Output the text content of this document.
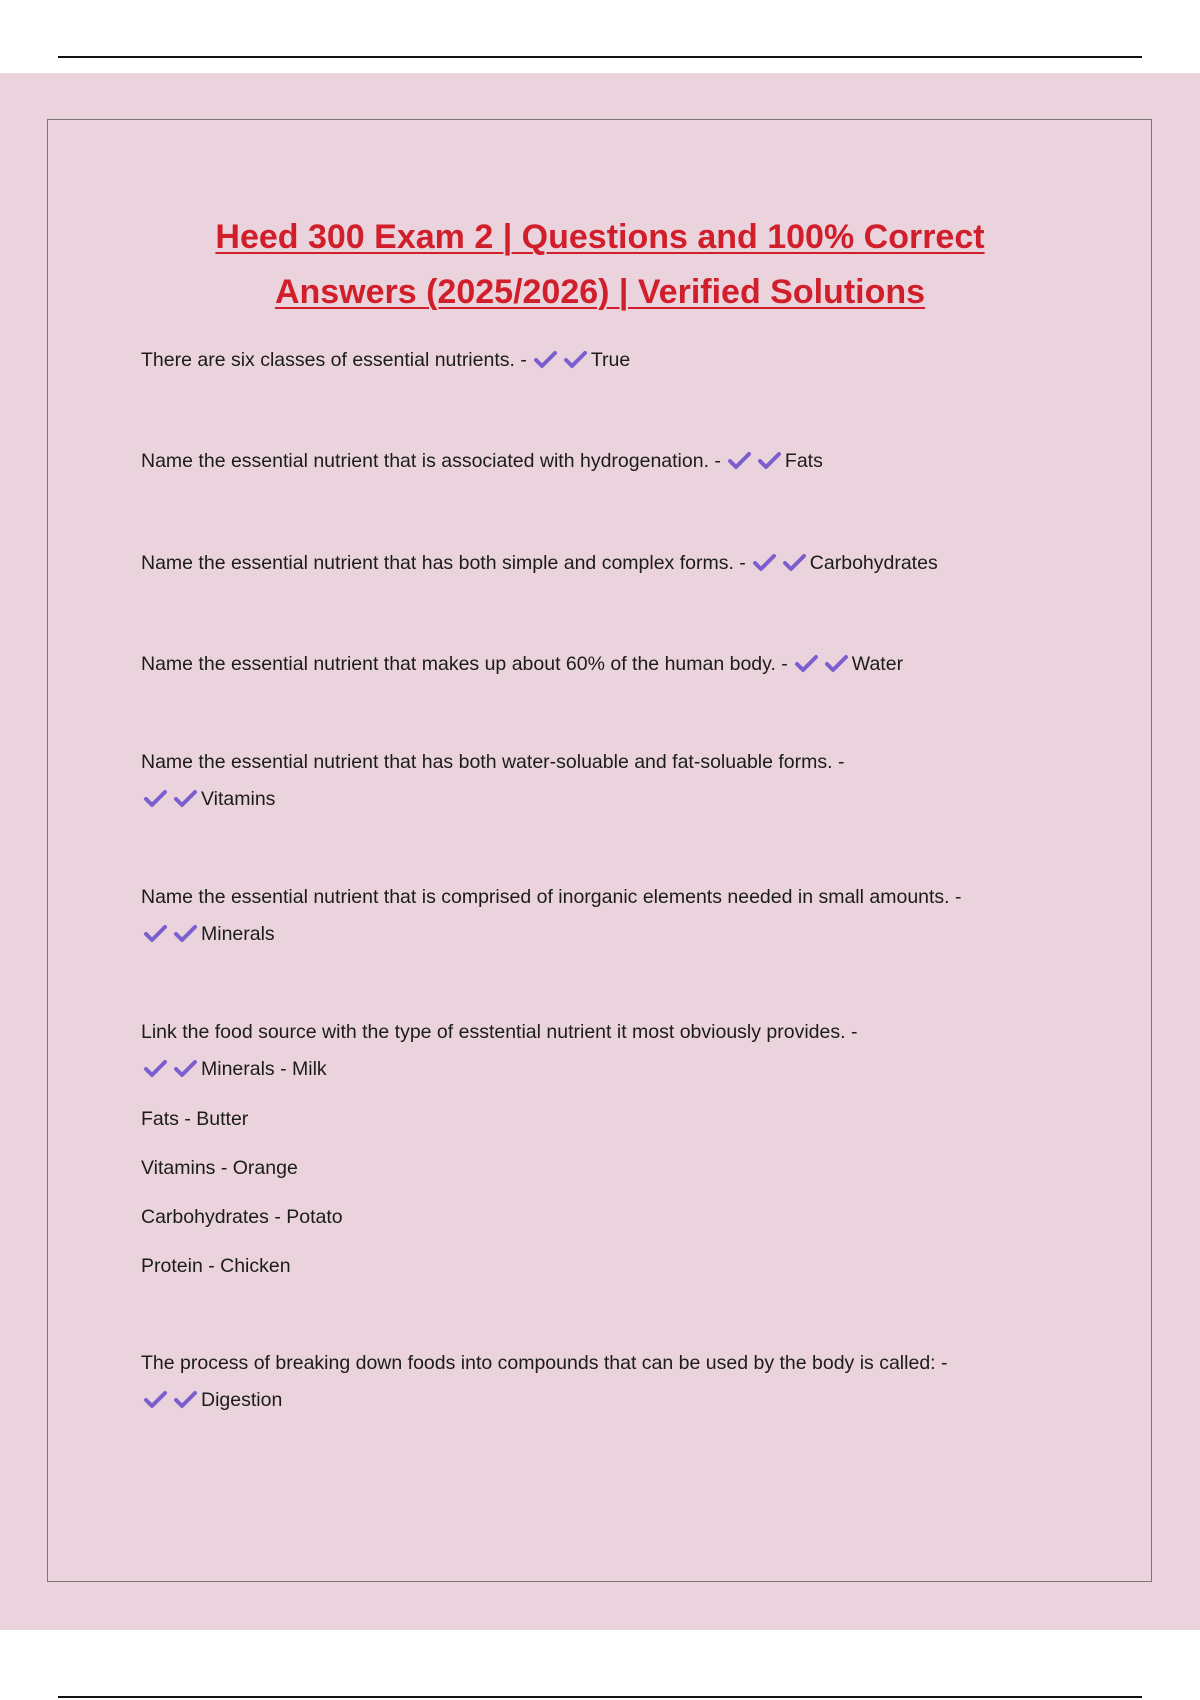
Heed 300 Exam 2 | Questions and 100% Correct
Answers (2025/2026) | Verified Solutions
There are six classes of essential nutrients. -	True
Name the essential nutrient that is associated with hydrogenation. -	Fats
Name the essential nutrient that has both simple and complex forms. -	Carbohydrates
Name the essential nutrient that makes up about 60% of the human body. -	Water
Name the essential nutrient that has both water-soluable and fat-soluable forms. -
Vitamins
Name the essential nutrient that is comprised of inorganic elements needed in small amounts. -
Minerals
Link the food source with the type of esstential nutrient it most obviously provides. -
Minerals - Milk
Fats - Butter
Vitamins - Orange
Carbohydrates - Potato
Protein - Chicken
The process of breaking down foods into compounds that can be used by the body is called: -
Digestion
